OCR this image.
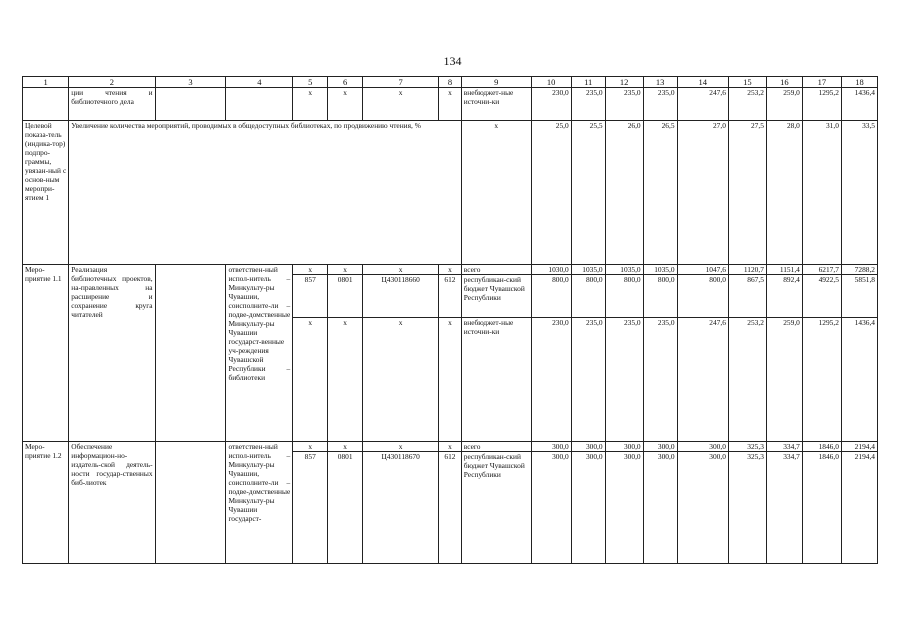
134
1	2	3	4	5	6	7	8	9	10	11	12	13	14	15	16	17	18
	ции чтения и библиотечного дела			x	x	x	x	внебюджет-ные источни-ки	230,0	235,0	235,0	235,0	247,6	253,2	259,0	1295,2	1436,4
Целевой показа-тель (индика-тор) подпро-граммы, увязан-ный с основ-ным меропри-ятием 1	Увеличение количества мероприятий, проводимых в общедоступных библиотеках, по продвижению чтения, %							x	25,0	25,5	26,0	26,5	27,0	27,5	28,0	31,0	33,5
Меро-приятие 1.1	Реализация библиотечных проектов, на-правленных на расширение и сохранение круга читателей		ответствен-ный испол-нитель – Минкульту-ры Чувашии, соисполните-ли – подве-домственные Минкульту-ры Чувашии государст-венные уч-реждения Чувашской Республики – библиотеки	x	x	x	x	всего	1030,0	1035,0	1035,0	1035,0	1047,6	1120,7	1151,4	6217,7	7288,2
				857	0801	Ц430118660	612	республикан-ский бюджет Чувашской Республики	800,0	800,0	800,0	800,0	800,0	867,5	892,4	4922,5	5851,8
				x	x	x	x	внебюджет-ные источни-ки	230,0	235,0	235,0	235,0	247,6	253,2	259,0	1295,2	1436,4
Меро-приятие 1.2	Обеспечение информацион-но-издатель-ской деятель-ности государ-ственных биб-лиотек		ответствен-ный испол-нитель – Минкульту-ры Чувашии, соисполните-ли – подве-домственные Минкульту-ры Чувашии государст-	x	x	x	x	всего	300,0	300,0	300,0	300,0	300,0	325,3	334,7	1846,0	2194,4
				857	0801	Ц430118670	612	республикан-ский бюджет Чувашской Республики	300,0	300,0	300,0	300,0	300,0	325,3	334,7	1846,0	2194,4
